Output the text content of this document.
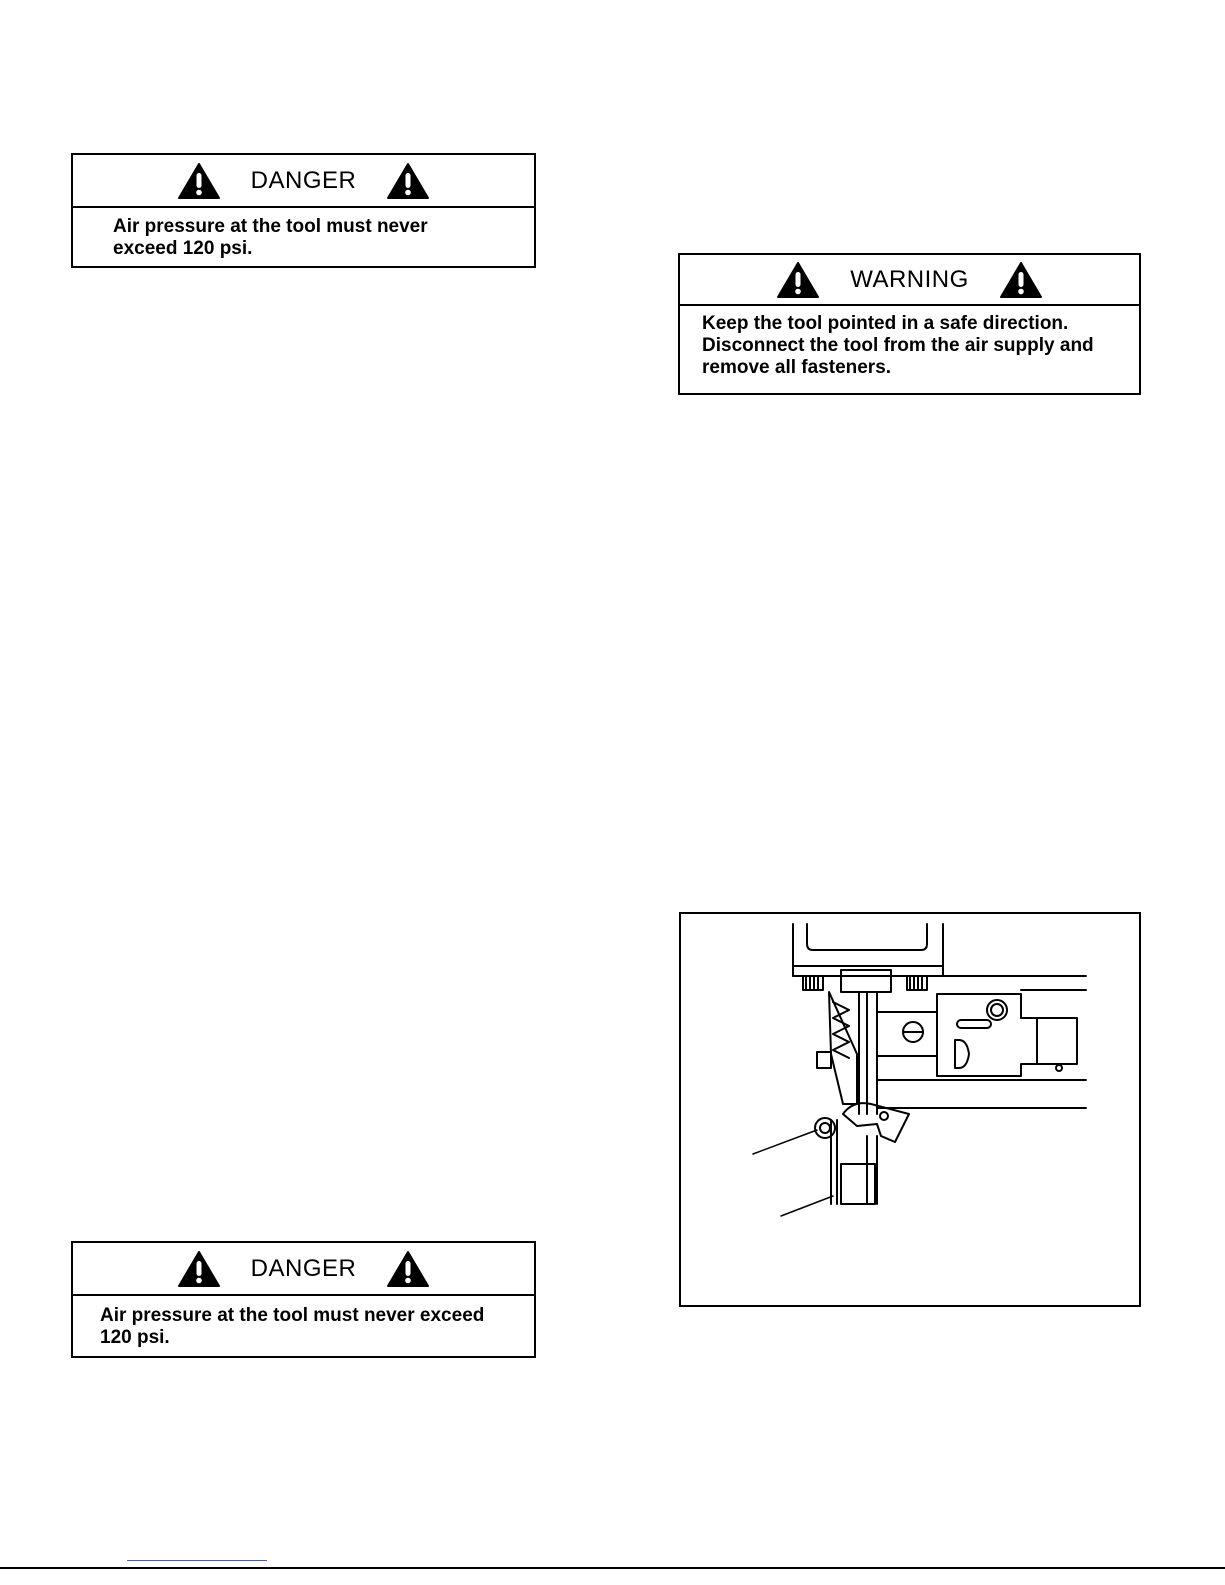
DANGER
Air pressure at the tool must never
exceed 120 psi.
WARNING
Keep the tool pointed in a safe direction.
Disconnect the tool from the air supply and
remove all fasteners.
DANGER
Air pressure at the tool must never exceed
120 psi.
